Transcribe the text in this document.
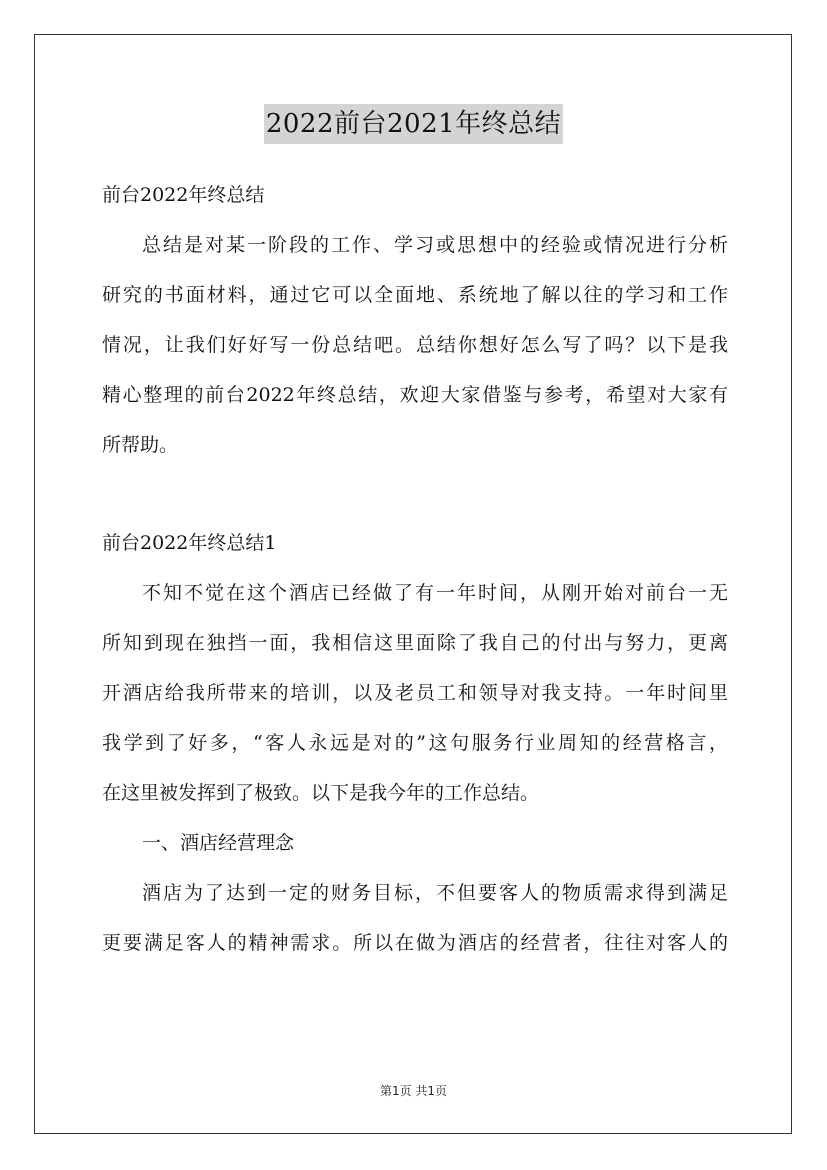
2022前台2021年终总结
前台2022年终总结
总结是对某一阶段的工作、学习或思想中的经验或情况进行分析
研究的书面材料，通过它可以全面地、系统地了解以往的学习和工作
情况，让我们好好写一份总结吧。总结你想好怎么写了吗？以下是我
精心整理的前台2022年终总结，欢迎大家借鉴与参考，希望对大家有
所帮助。
前台2022年终总结1
不知不觉在这个酒店已经做了有一年时间，从刚开始对前台一无
所知到现在独挡一面，我相信这里面除了我自己的付出与努力，更离
开酒店给我所带来的培训，以及老员工和领导对我支持。一年时间里
我学到了好多，“客人永远是对的”这句服务行业周知的经营格言，
在这里被发挥到了极致。以下是我今年的工作总结。
一、酒店经营理念
酒店为了达到一定的财务目标，不但要客人的物质需求得到满足
更要满足客人的精神需求。所以在做为酒店的经营者，往往对客人的
第1页 共1页
